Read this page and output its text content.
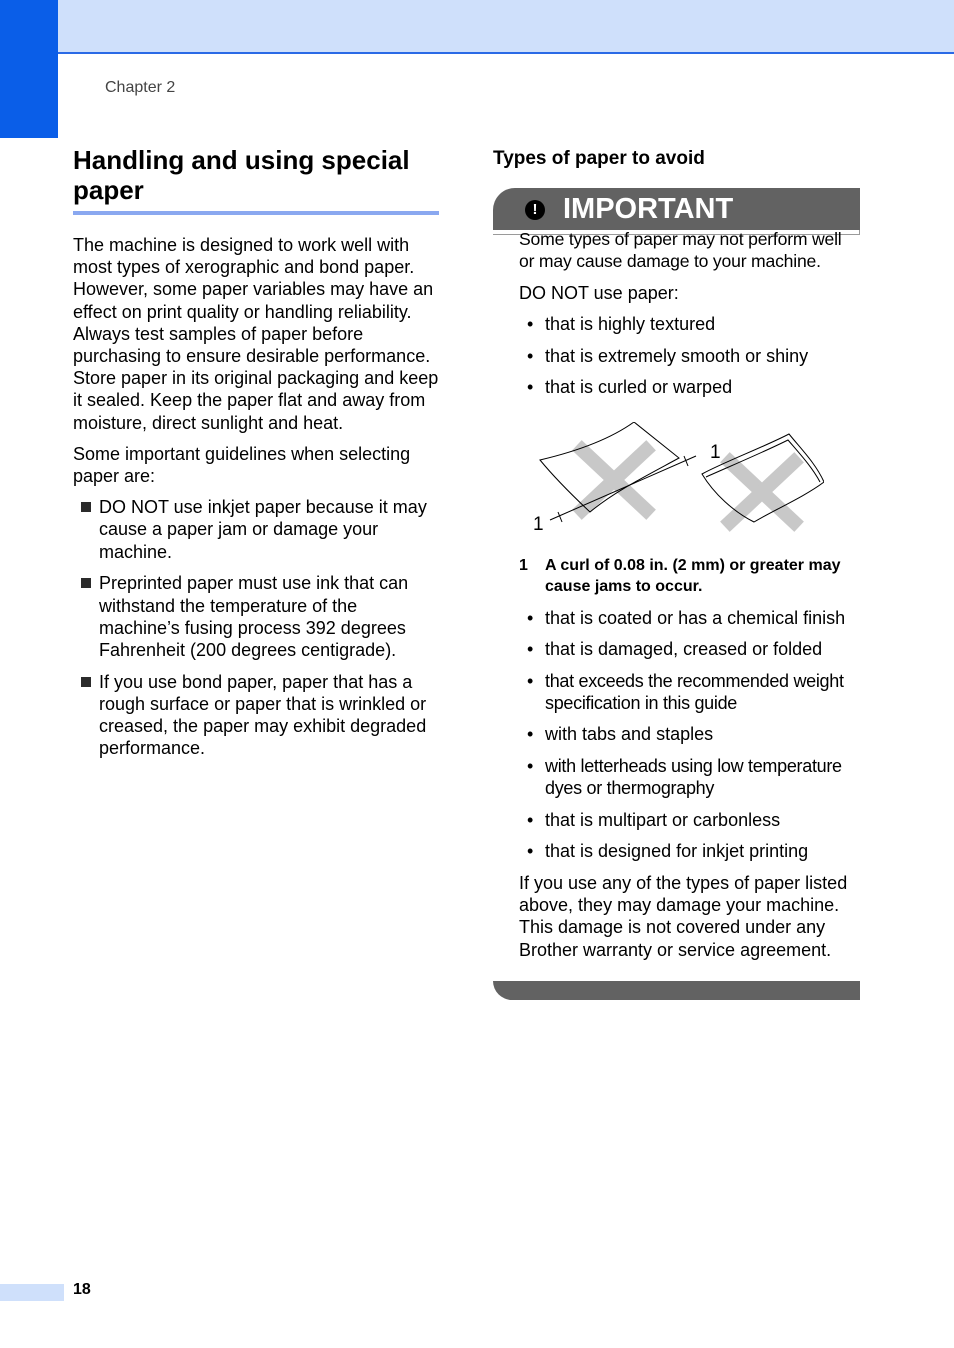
Chapter 2
Handling and using special paper

The machine is designed to work well with most types of xerographic and bond paper. However, some paper variables may have an effect on print quality or handling reliability. Always test samples of paper before purchasing to ensure desirable performance. Store paper in its original packaging and keep it sealed. Keep the paper flat and away from moisture, direct sunlight and heat.

Some important guidelines when selecting paper are:

DO NOT use inkjet paper because it may cause a paper jam or damage your machine.
Preprinted paper must use ink that can withstand the temperature of the machine’s fusing process 392 degrees Fahrenheit (200 degrees centigrade).
If you use bond paper, paper that has a rough surface or paper that is wrinkled or creased, the paper may exhibit degraded performance.
Types of paper to avoid
! IMPORTANT

Some types of paper may not perform well or may cause damage to your machine.

DO NOT use paper:

• that is highly textured
• that is extremely smooth or shiny
• that is curled or warped
1
1
1 A curl of 0.08 in. (2 mm) or greater may cause jams to occur.
• that is coated or has a chemical finish
• that is damaged, creased or folded
• that exceeds the recommended weight specification in this guide
• with tabs and staples
• with letterheads using low temperature dyes or thermography
• that is multipart or carbonless
• that is designed for inkjet printing

If you use any of the types of paper listed above, they may damage your machine. This damage is not covered under any Brother warranty or service agreement.

18
